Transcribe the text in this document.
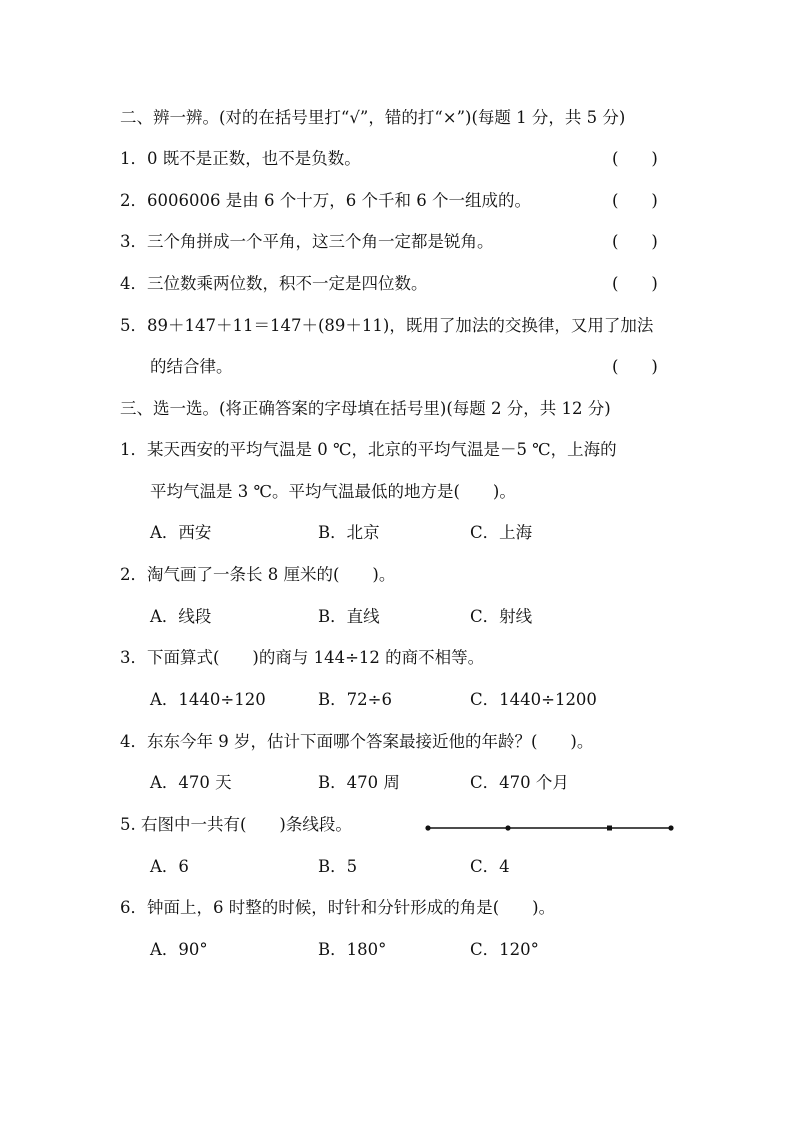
二、辨一辨。(对的在括号里打“√”，错的打“×”)(每题 1 分，共 5 分)
1．0 既不是正数，也不是负数。	(　　)
2．6006006 是由 6 个十万，6 个千和 6 个一组成的。	(　　)
3．三个角拼成一个平角，这三个角一定都是锐角。	(　　)
4．三位数乘两位数，积不一定是四位数。	(　　)
5．89＋147＋11＝147＋(89＋11)，既用了加法的交换律，又用了加法
的结合律。	(　　)
三、选一选。(将正确答案的字母填在括号里)(每题 2 分，共 12 分)
1．某天西安的平均气温是 0 ℃，北京的平均气温是－5 ℃，上海的
平均气温是 3 ℃。平均气温最低的地方是(　　)。
A．西安	B．北京	C．上海
2．淘气画了一条长 8 厘米的(　　)。
A．线段	B．直线	C．射线
3．下面算式(　　)的商与 144÷12 的商不相等。
A．1440÷120	B．72÷6	C．1440÷1200
4．东东今年 9 岁，估计下面哪个答案最接近他的年龄？(　　)。
A．470 天	B．470 周	C．470 个月
5. 右图中一共有(　　)条线段。
A．6	B．5	C．4
6．钟面上，6 时整的时候，时针和分针形成的角是(　　)。
A．90°	B．180°	C．120°
